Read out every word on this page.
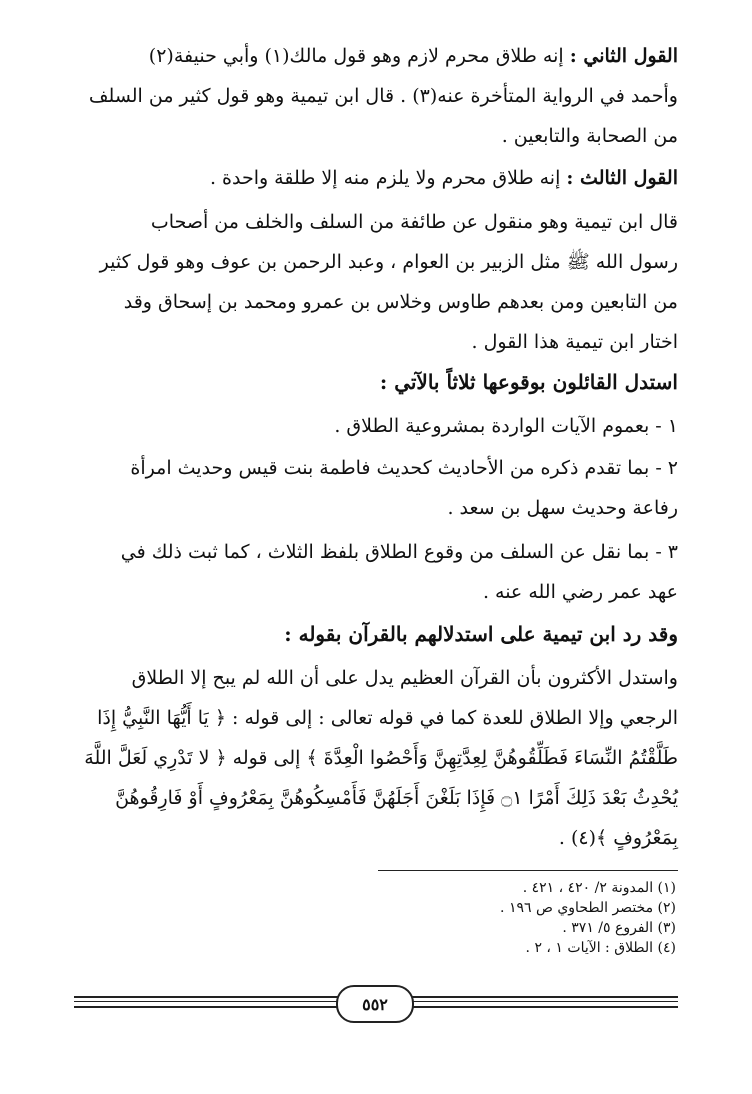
القول الثاني : إنه طلاق محرم لازم وهو قول مالك(١) وأبي حنيفة(٢)
وأحمد في الرواية المتأخرة عنه(٣) . قال ابن تيمية وهو قول كثير من السلف
من الصحابة والتابعين .
القول الثالث : إنه طلاق محرم ولا يلزم منه إلا طلقة واحدة .
قال ابن تيمية وهو منقول عن طائفة من السلف والخلف من أصحاب
رسول الله ﷺ مثل الزبير بن العوام ، وعبد الرحمن بن عوف وهو قول كثير
من التابعين ومن بعدهم طاوس وخلاس بن عمرو ومحمد بن إسحاق وقد
اختار ابن تيمية هذا القول .
استدل القائلون بوقوعها ثلاثاً بالآتي :
١ - بعموم الآيات الواردة بمشروعية الطلاق .
٢ - بما تقدم ذكره من الأحاديث كحديث فاطمة بنت قيس وحديث امرأة
رفاعة وحديث سهل بن سعد .
٣ - بما نقل عن السلف من وقوع الطلاق بلفظ الثلاث ، كما ثبت ذلك في
عهد عمر رضي الله عنه .
وقد رد ابن تيمية على استدلالهم بالقرآن بقوله :
واستدل الأكثرون بأن القرآن العظيم يدل على أن الله لم يبح إلا الطلاق
الرجعي وإلا الطلاق للعدة كما في قوله تعالى : إلى قوله : ﴿ يَا أَيُّهَا النَّبِيُّ إِذَا
طَلَّقْتُمُ النِّسَاءَ فَطَلِّقُوهُنَّ لِعِدَّتِهِنَّ وَأَحْصُوا الْعِدَّةَ ﴾ إلى قوله ﴿ لا تَدْرِي لَعَلَّ اللَّهَ
يُحْدِثُ بَعْدَ ذَلِكَ أَمْرًا ۝١ فَإِذَا بَلَغْنَ أَجَلَهُنَّ فَأَمْسِكُوهُنَّ بِمَعْرُوفٍ أَوْ فَارِقُوهُنَّ
بِمَعْرُوفٍ ﴾(٤) .
(١) المدونة ٢/ ٤٢٠ ، ٤٢١ .
(٢) مختصر الطحاوي ص ١٩٦ .
(٣) الفروع ٥/ ٣٧١ .
(٤) الطلاق : الآيات ١ ، ٢ .
٥٥٢
